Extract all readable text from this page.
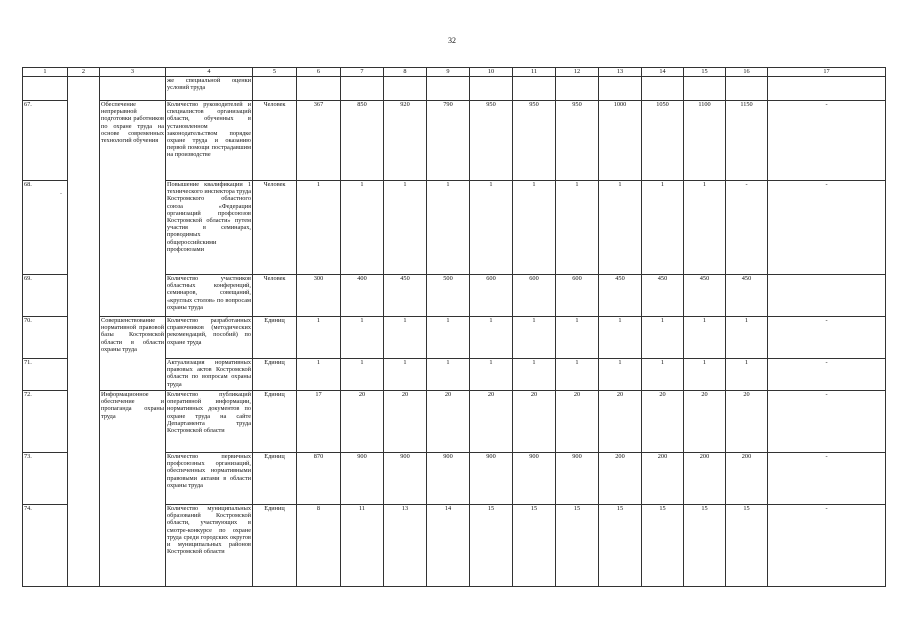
32
-
1	2	3	4	5	6	7	8	9	10	11	12	13	14	15	16	17
			же специальной оценки условий труда													
67.		Обеспечение непрерывной подготовки работников по охране труда на основе современных технологий обучения	Количество руководителей и специалистов организаций области, обученных в установленном законодательством порядке охране труда и оказанию первой помощи пострадавшим на производстве	Человек	367	850	920	790	950	950	950	1000	1050	1100	1150	-
68.			Повышение квалификации 1 технического инспектора труда Костромского областного союза «Федерация организаций профсоюзов Костромской области» путем участия в семинарах, проводимых общероссийскими профсоюзами	Человек	1	1	1	1	1	1	1	1	1	1	-	-
69.			Количество участников областных конференций, семинаров, совещаний, «круглых столов» по вопросам охраны труда	Человек	300	400	450	500	600	600	600	450	450	450	450	
70.		Совершенствование нормативной правовой базы Костромской области в области охраны труда	Количество разработанных справочников (методических рекомендаций, пособий) по охране труда	Единиц	1	1	1	1	1	1	1	1	1	1	1	-
71.			Актуализация нормативных правовых актов Костромской области по вопросам охраны труда	Единиц	1	1	1	1	1	1	1	1	1	1	1	-
72.		Информационное обеспечение и пропаганда охраны труда	Количество публикаций оперативной информации, нормативных документов по охране труда на сайте Департамента труда Костромской области	Единиц	17	20	20	20	20	20	20	20	20	20	20	-
73.			Количество первичных профсоюзных организаций, обеспеченных нормативными правовыми актами в области охраны труда	Единиц	870	900	900	900	900	900	900	200	200	200	200	-
74.			Количество муниципальных образований Костромской области, участвующих в смотре-конкурсе по охране труда среди городских округов и муниципальных районов Костромской области	Единиц	8	11	13	14	15	15	15	15	15	15	15	-
